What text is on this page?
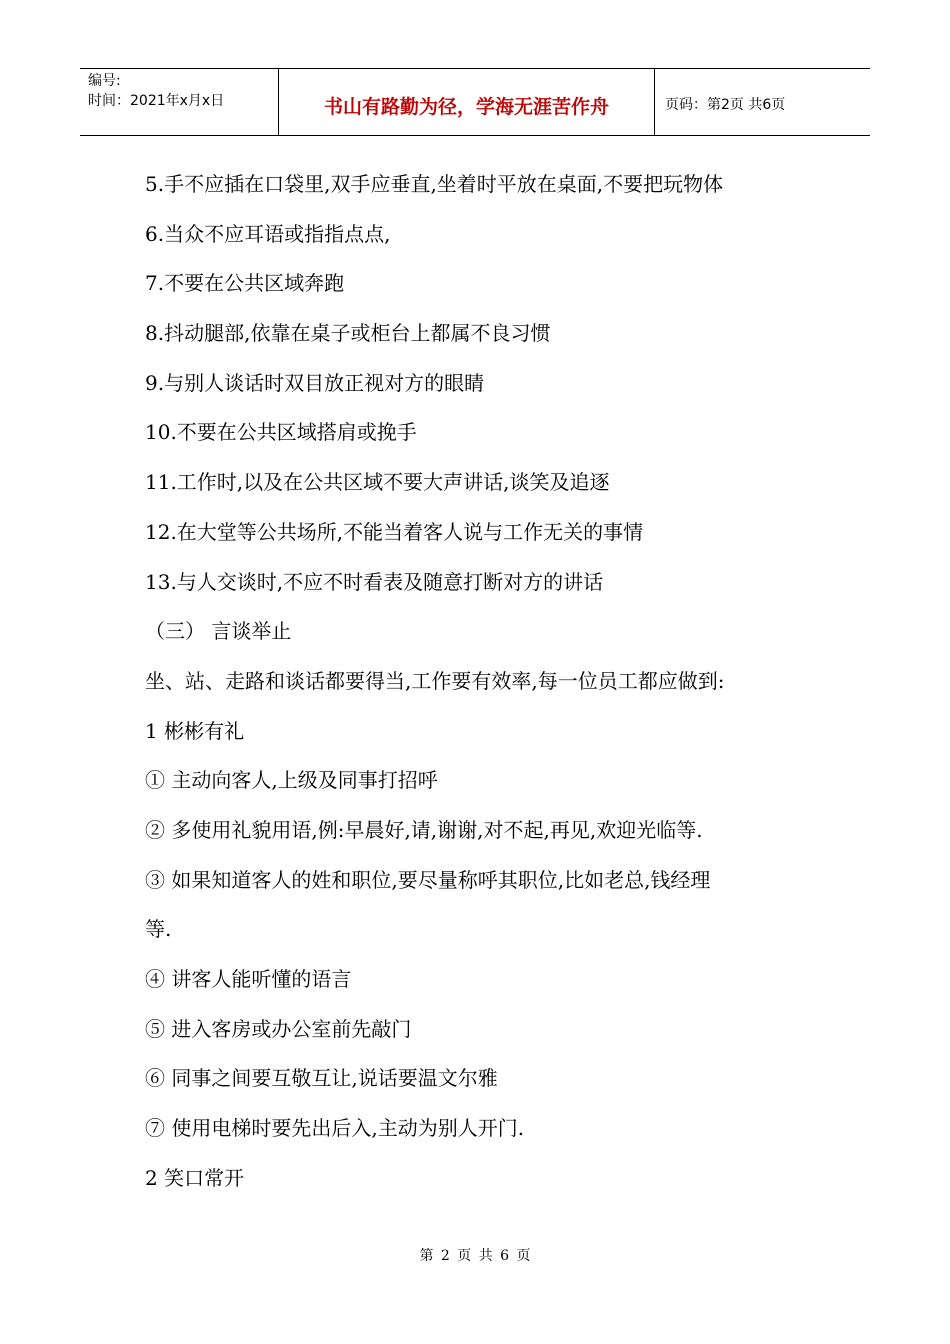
编号:
时间：2021年x月x日	书山有路勤为径，学海无涯苦作舟	页码：第2页 共6页
5.手不应插在口袋里,双手应垂直,坐着时平放在桌面,不要把玩物体
6.当众不应耳语或指指点点,
7.不要在公共区域奔跑
8.抖动腿部,依靠在桌子或柜台上都属不良习惯
9.与别人谈话时双目放正视对方的眼睛
10.不要在公共区域搭肩或挽手
11.工作时,以及在公共区域不要大声讲话,谈笑及追逐
12.在大堂等公共场所,不能当着客人说与工作无关的事情
13.与人交谈时,不应不时看表及随意打断对方的讲话
（三） 言谈举止
坐、站、走路和谈话都要得当,工作要有效率,每一位员工都应做到:
1 彬彬有礼
① 主动向客人,上级及同事打招呼
② 多使用礼貌用语,例:早晨好,请,谢谢,对不起,再见,欢迎光临等.
③ 如果知道客人的姓和职位,要尽量称呼其职位,比如老总,钱经理
等.
④ 讲客人能听懂的语言
⑤ 进入客房或办公室前先敲门
⑥ 同事之间要互敬互让,说话要温文尔雅
⑦ 使用电梯时要先出后入,主动为别人开门.
2 笑口常开
第 2 页 共 6 页
